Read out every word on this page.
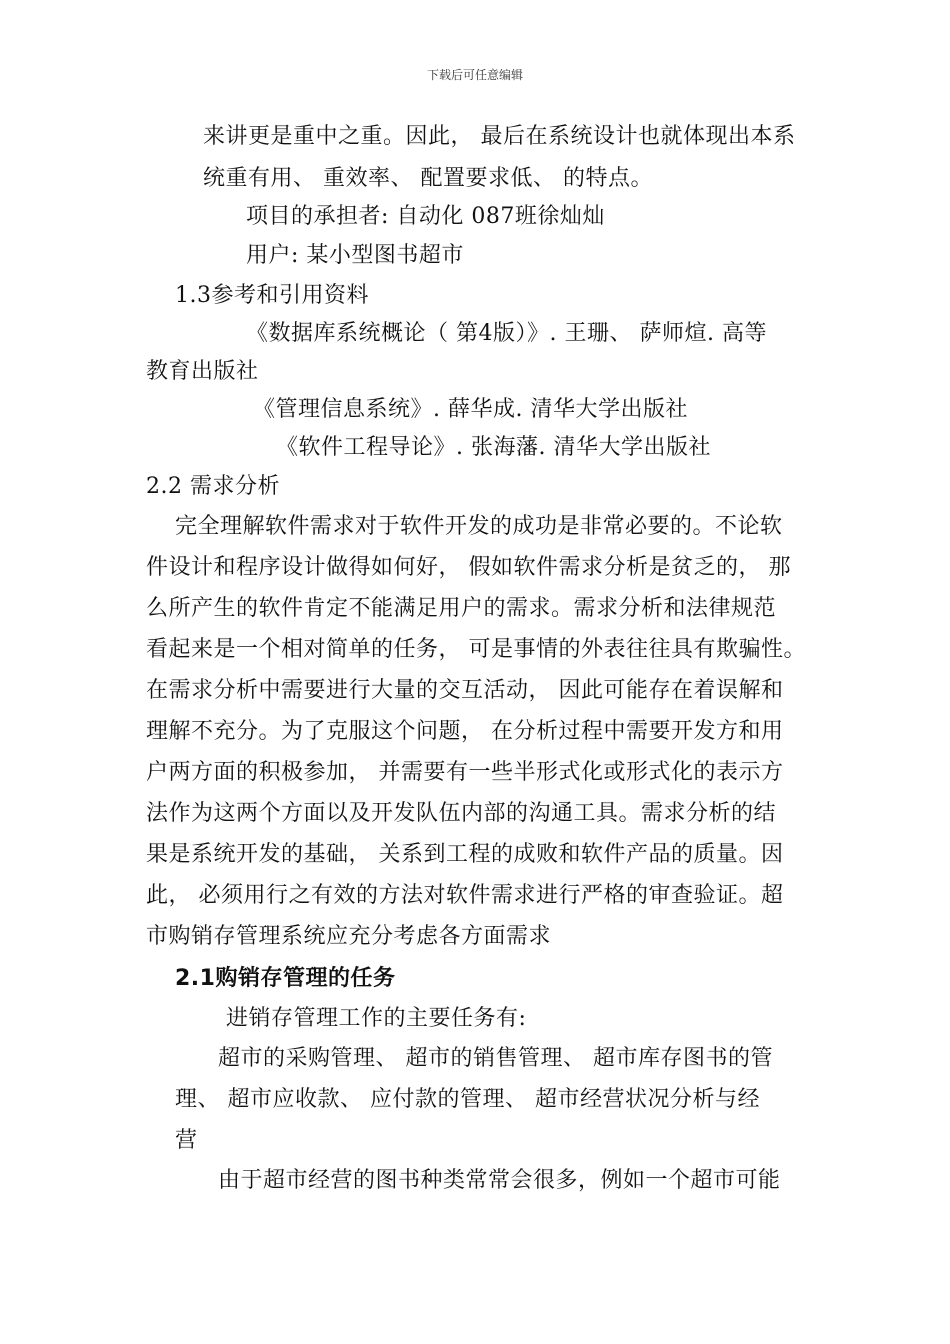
下载后可任意编辑
来讲更是重中之重。因此， 最后在系统设计也就体现出本系
统重有用、 重效率、 配置要求低、 的特点。
项目的承担者: 自动化 087班徐灿灿
用户: 某小型图书超市
1.3参考和引用资料
《数据库系统概论（ 第4版）》. 王珊、 萨师煊. 高等
教育出版社
《管理信息系统》. 薛华成. 清华大学出版社
《软件工程导论》. 张海藩. 清华大学出版社
2.2 需求分析
完全理解软件需求对于软件开发的成功是非常必要的。不论软
件设计和程序设计做得如何好， 假如软件需求分析是贫乏的， 那
么所产生的软件肯定不能满足用户的需求。需求分析和法律规范
看起来是一个相对简单的任务， 可是事情的外表往往具有欺骗性。
在需求分析中需要进行大量的交互活动， 因此可能存在着误解和
理解不充分。为了克服这个问题， 在分析过程中需要开发方和用
户两方面的积极参加， 并需要有一些半形式化或形式化的表示方
法作为这两个方面以及开发队伍内部的沟通工具。需求分析的结
果是系统开发的基础， 关系到工程的成败和软件产品的质量。因
此， 必须用行之有效的方法对软件需求进行严格的审查验证。超
市购销存管理系统应充分考虑各方面需求
2.1购销存管理的任务
进销存管理工作的主要任务有:
超市的采购管理、 超市的销售管理、 超市库存图书的管
理、 超市应收款、 应付款的管理、 超市经营状况分析与经
营
由于超市经营的图书种类常常会很多，例如一个超市可能
